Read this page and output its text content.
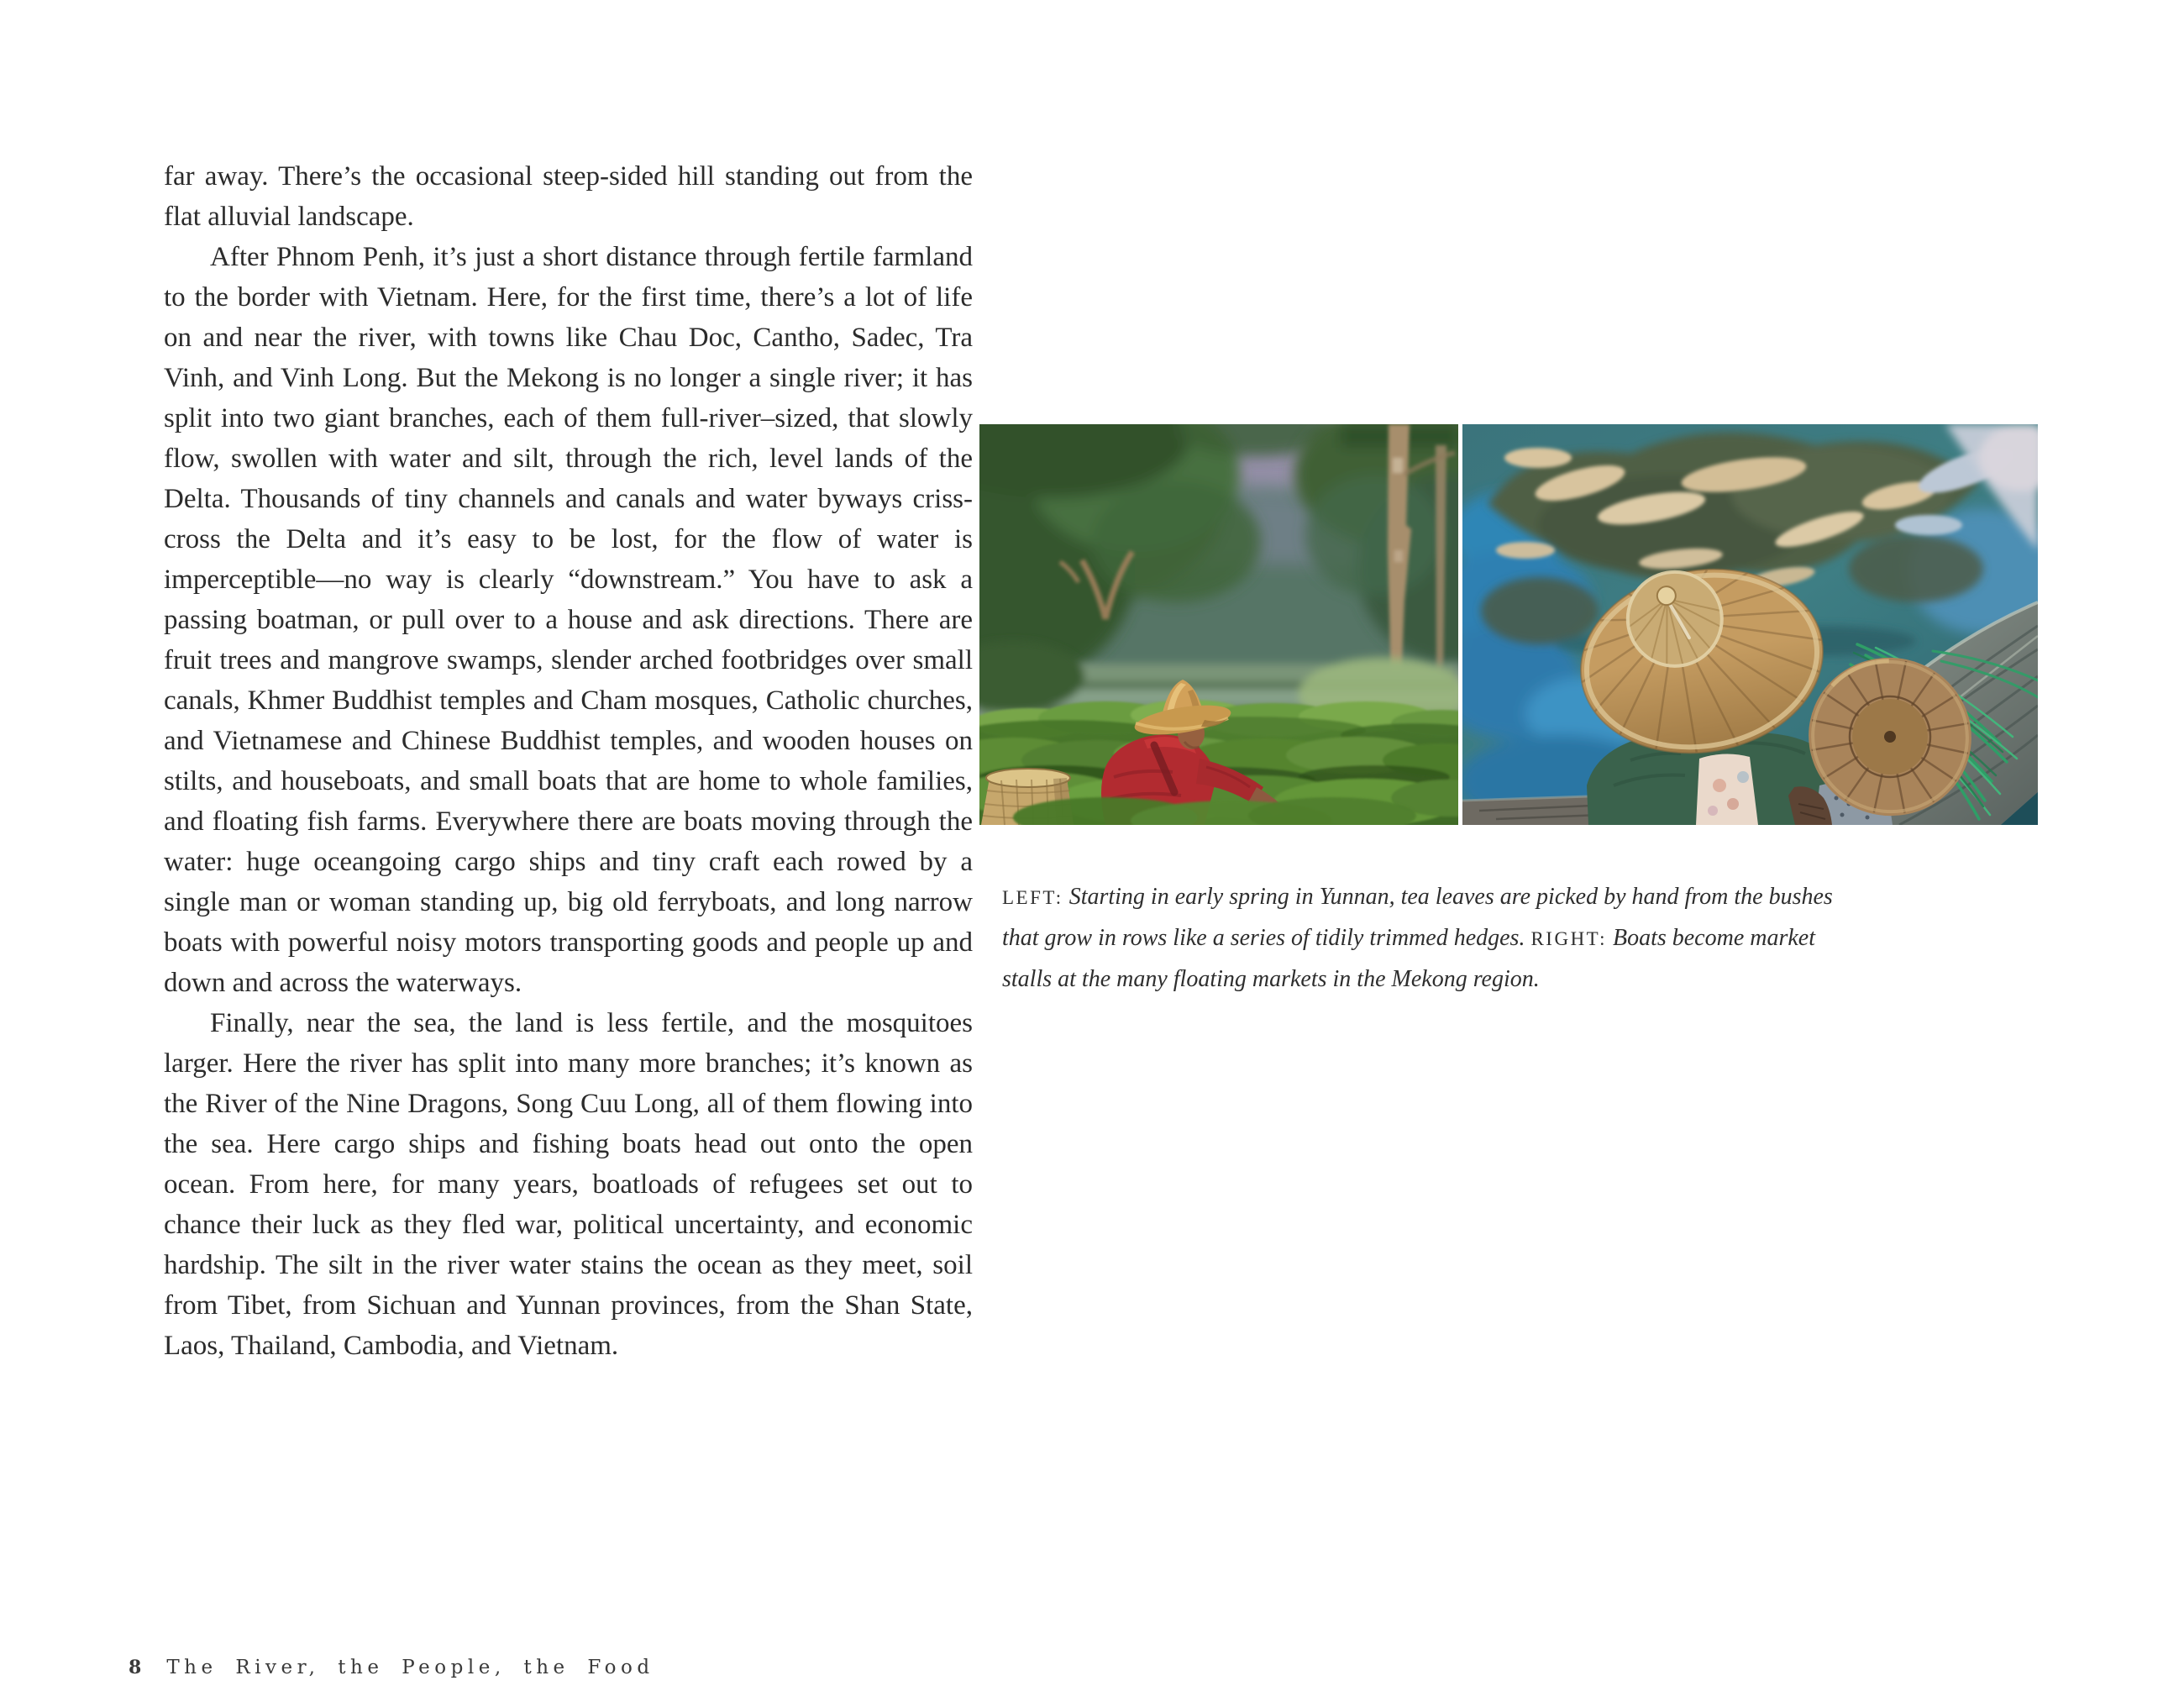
far away. There’s the occasional steep-sided hill standing out from the flat alluvial landscape.

After Phnom Penh, it’s just a short distance through fertile farmland to the border with Vietnam. Here, for the first time, there’s a lot of life on and near the river, with towns like Chau Doc, Cantho, Sadec, Tra Vinh, and Vinh Long. But the Mekong is no longer a single river; it has split into two giant branches, each of them full-river–sized, that slowly flow, swollen with water and silt, through the rich, level lands of the Delta. Thousands of tiny channels and canals and water byways criss-cross the Delta and it’s easy to be lost, for the flow of water is imperceptible—no way is clearly “downstream.” You have to ask a passing boatman, or pull over to a house and ask directions. There are fruit trees and mangrove swamps, slender arched footbridges over small canals, Khmer Buddhist temples and Cham mosques, Catholic churches, and Vietnamese and Chinese Buddhist temples, and wooden houses on stilts, and houseboats, and small boats that are home to whole families, and floating fish farms. Everywhere there are boats moving through the water: huge oceangoing cargo ships and tiny craft each rowed by a single man or woman standing up, big old ferryboats, and long narrow boats with powerful noisy motors transporting goods and people up and down and across the waterways.

Finally, near the sea, the land is less fertile, and the mosquitoes larger. Here the river has split into many more branches; it’s known as the River of the Nine Dragons, Song Cuu Long, all of them flowing into the sea. Here cargo ships and fishing boats head out onto the open ocean. From here, for many years, boatloads of refugees set out to chance their luck as they fled war, political uncertainty, and economic hardship. The silt in the river water stains the ocean as they meet, soil from Tibet, from Sichuan and Yunnan provinces, from the Shan State, Laos, Thailand, Cambodia, and Vietnam.

LEFT: Starting in early spring in Yunnan, tea leaves are picked by hand from the bushes that grow in rows like a series of tidily trimmed hedges. RIGHT: Boats become market stalls at the many floating markets in the Mekong region.

8 The River, the People, the Food
